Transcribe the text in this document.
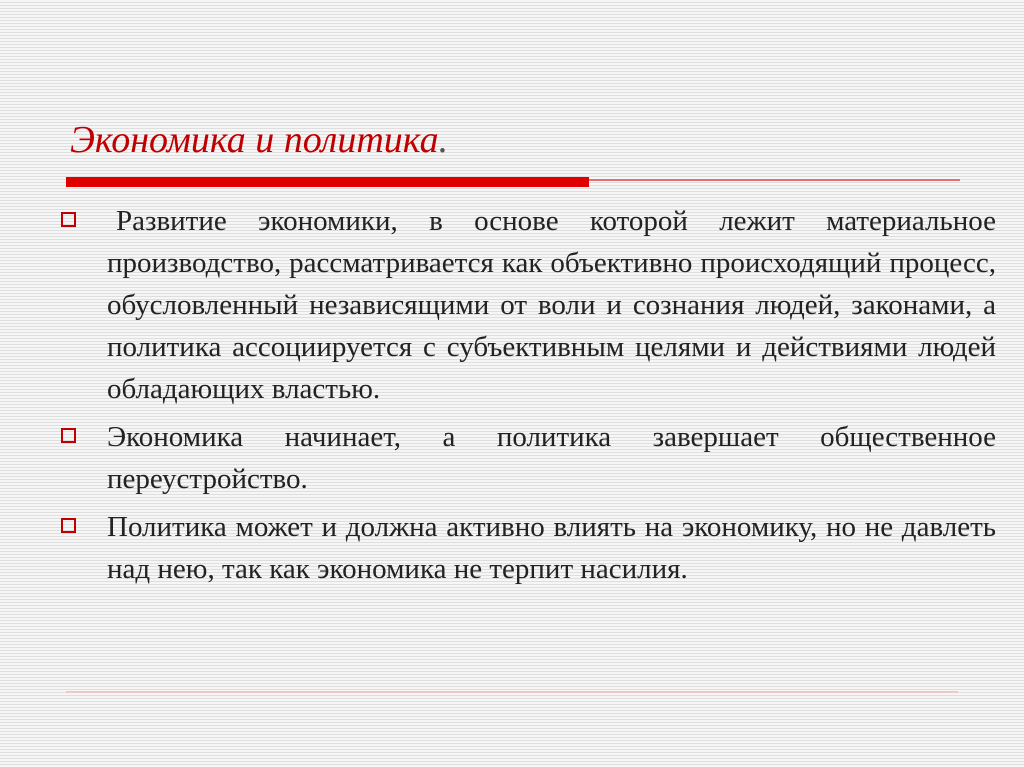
Экономика и политика.
Развитие экономики, в основе которой лежит материальное производство, рассматривается как объективно происходящий процесс, обусловленный независящими от воли и сознания людей, законами, а политика ассоциируется с субъективным целями и действиями людей обладающих властью.
Экономика начинает, а политика завершает общественное переустройство.
Политика может и должна активно влиять на экономику, но не давлеть над нею, так как экономика не терпит насилия.
